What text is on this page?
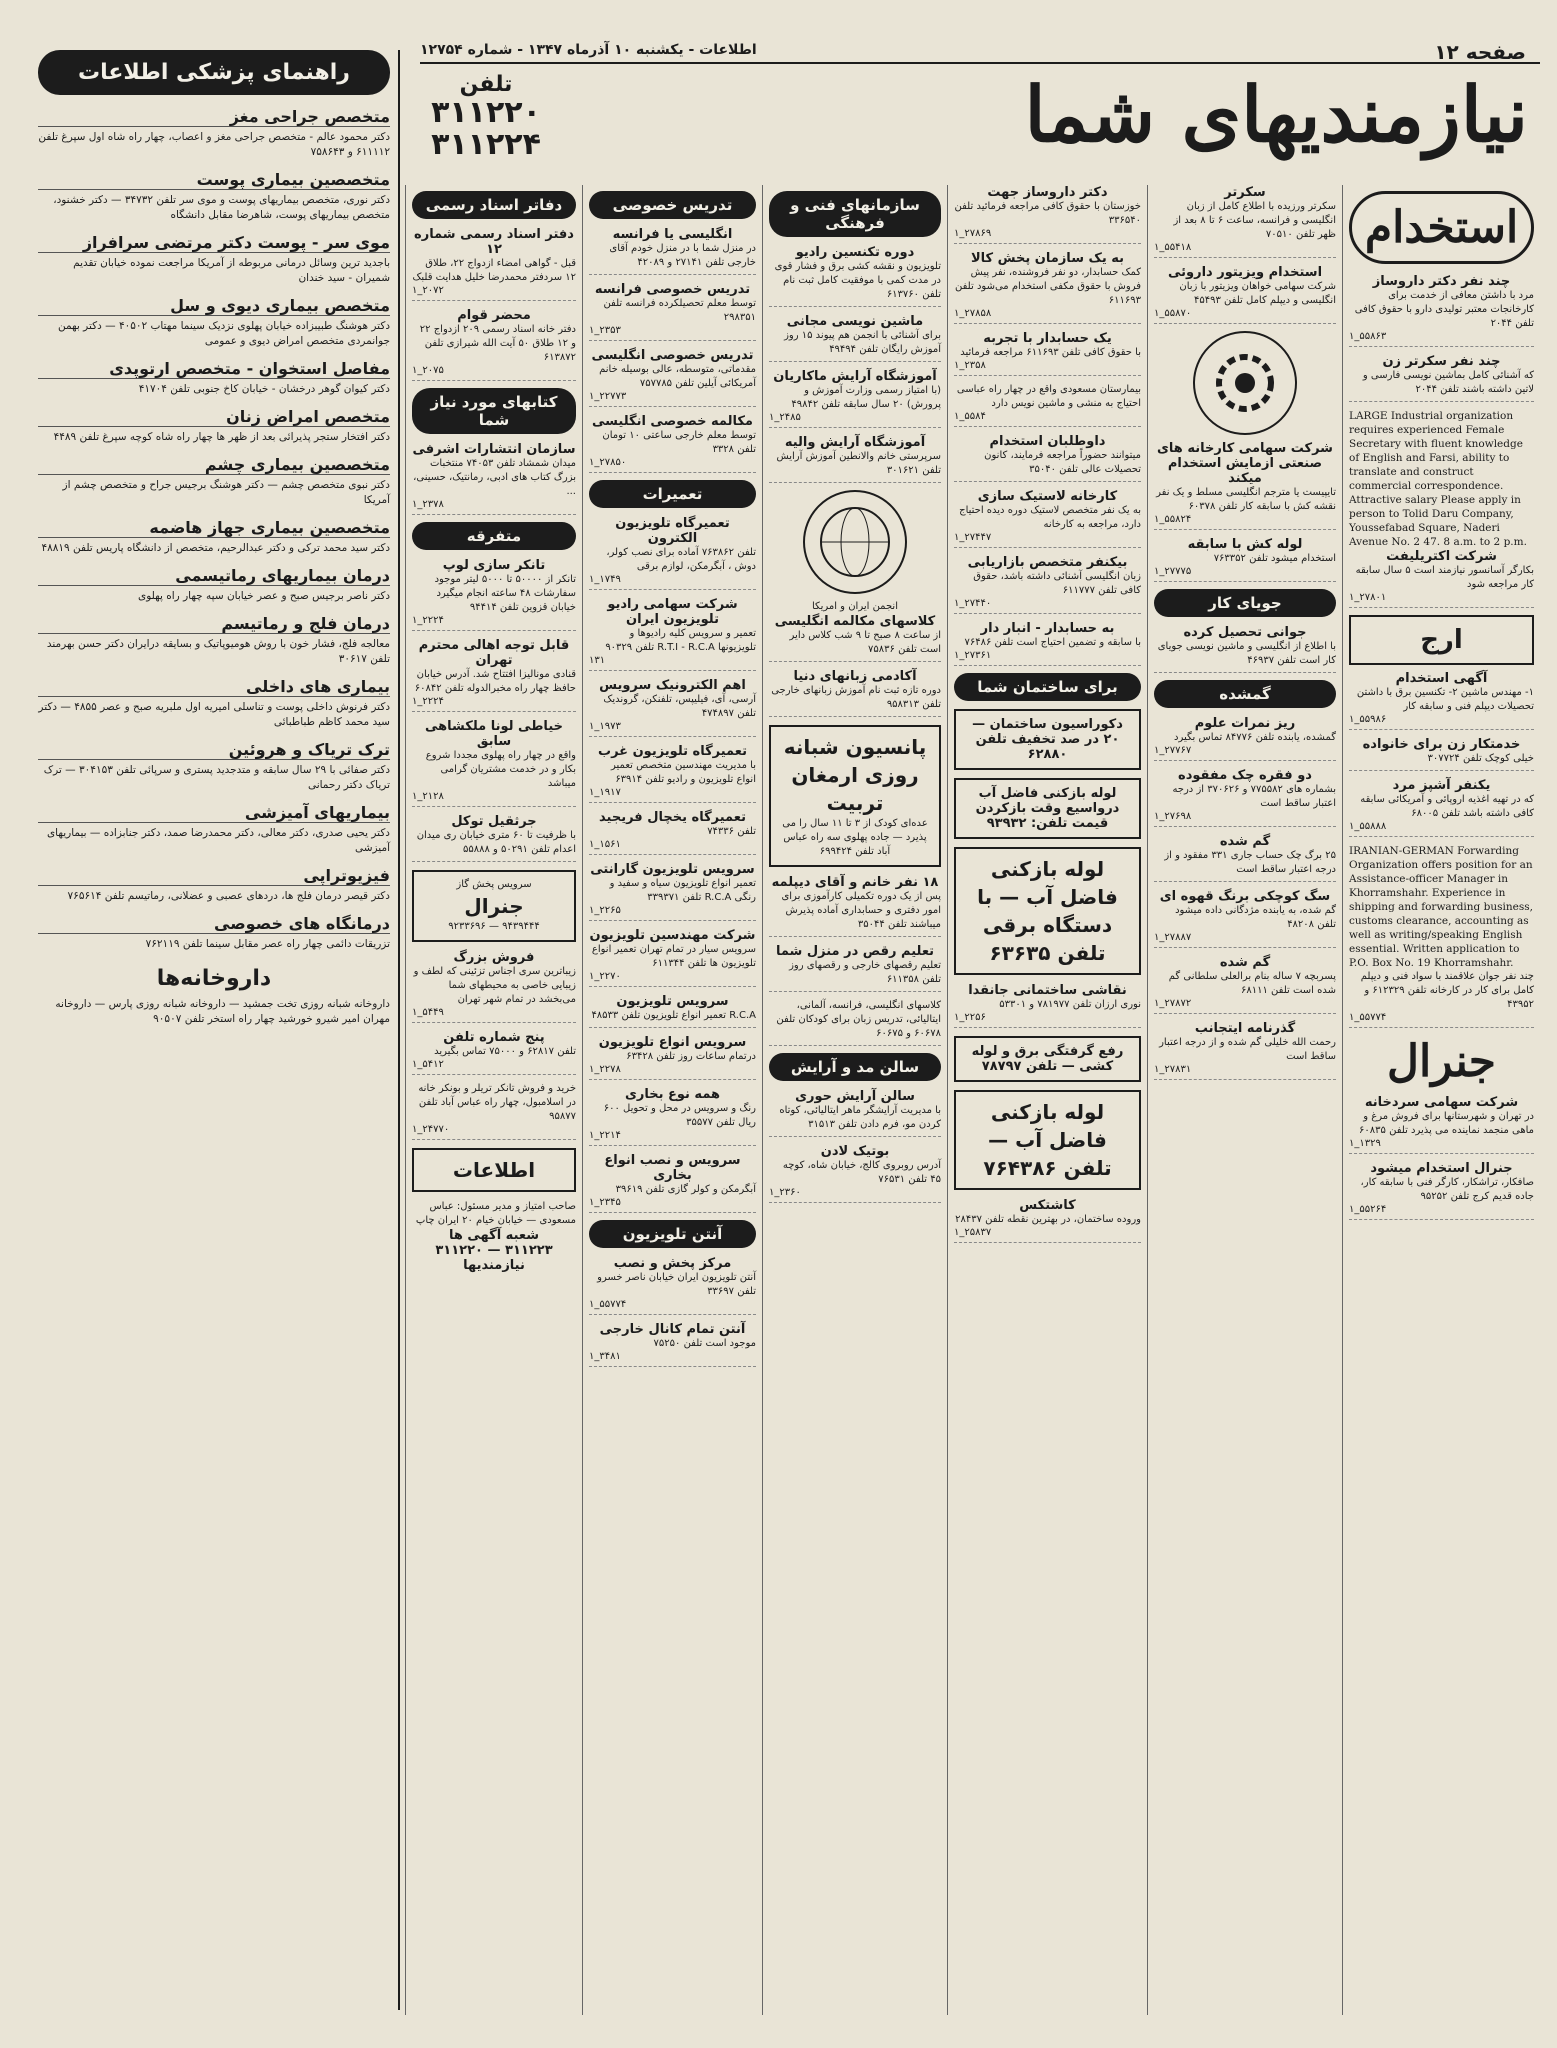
صفحه ۱۲
اطلاعات - یکشنبه ۱۰ آذرماه ۱۳۴۷ - شماره ۱۲۷۵۴
نیازمندیهای شما
تلفن
۳۱۱۲۲۰
۳۱۱۲۲۴
راهنمای پزشکی اطلاعات
متخصص جراحی مغز
دکتر محمود عالم - متخصص جراحی مغز و اعصاب، چهار راه شاه اول سپرغ تلفن ۶۱۱۱۱۲ و ۷۵۸۶۴۳
متخصصین بیماری پوست
دکتر نوری، متخصص بیماریهای پوست و موی سر تلفن ۳۴۷۳۲ — دکتر خشنود، متخصص بیماریهای پوست، شاهرضا مقابل دانشگاه
موی سر - پوست دکتر مرتضی سرافراز
باجدید ترین وسائل درمانی مربوطه از آمریکا مراجعت نموده خیابان تقدیم شمیران - سید خندان
متخصص بیماری دیوی و سل
دکتر هوشنگ طبیبزاده خیابان پهلوی نزدیک سینما مهتاب ۴۰۵۰۲ — دکتر بهمن جوانمردی متخصص امراض دیوی و عمومی
مفاصل استخوان - متخصص ارتوپدی
دکتر کیوان گوهر درخشان - خیابان کاخ جنوبی تلفن ۴۱۷۰۴
متخصص امراض زنان
دکتر افتخار ستجر پذیرائی بعد از ظهر ها چهار راه شاه کوچه سپرغ تلفن ۴۴۸۹
متخصصین بیماری چشم
دکتر نبوی متخصص چشم — دکتر هوشنگ برجیس جراح و متخصص چشم از آمریکا
متخصصین بیماری جهاز هاضمه
دکتر سید محمد ترکی و دکتر عبدالرحیم، متخصص از دانشگاه پاریس تلفن ۴۸۸۱۹
درمان بیماریهای رماتیسمی
دکتر ناصر برجیس صبح و عصر خیابان سپه چهار راه پهلوی
درمان فلج و رماتیسم
معالجه فلج، فشار خون با روش هومیوپاتیک و بسایقه درایران دکتر حسن بهرمند تلفن ۳۰۶۱۷
بیماری های داخلی
دکتر فرنوش داخلی پوست و تناسلی امیریه اول ملبریه صبح و عصر ۴۸۵۵ — دکتر سید محمد کاظم طباطبائی
ترک تریاک و هروئین
دکتر صفائی با ۲۹ سال سابقه و متدجدید پستری و سرپائی تلفن ۳۰۴۱۵۳ — ترک تریاک دکتر رحمانی
بیماریهای آمیزشی
دکتر یحیی صدری، دکتر معالی، دکتر محمدرضا صمد، دکتر جنابزاده — بیماریهای آمیزشی
فیزیوتراپی
دکتر قیصر درمان فلج ها، دردهای عصبی و عضلانی، رماتیسم تلفن ۷۶۵۶۱۴
درمانگاه های خصوصی
تزریقات دائمی چهار راه عصر مقابل سینما تلفن ۷۶۲۱۱۹
داروخانه‌ها
داروخانه شبانه روزی تخت جمشید — داروخانه شبانه روزی پارس — داروخانه مهران امیر شیرو خورشید چهار راه استخر تلفن ۹۰۵۰۷
دفاتر اسناد رسمی
دفتر اسناد رسمی شماره ۱۲
قبل - گواهی امضاء ازدواج ۲۲، طلاق ۱۲ سردفتر محمدرضا خلیل هدایت قلبک
۲۰۷۲_۱
محضر قوام
دفتر خانه اسناد رسمی ۲۰۹ ازدواج ۲۲ و ۱۲ طلاق ۵۰ آیت الله شیرازی تلفن ۶۱۳۸۷۲
۲۰۷۵_۱
کتابهای مورد نیاز شما
سازمان انتشارات اشرفی
میدان شمشاد تلفن ۷۴۰۵۳ منتخبات بزرگ کتاب های ادبی، رمانتیک، حسینی، ...
۲۳۷۸_۱
متفرقه
تانکر سازی لوپ
تانکر از ۵۰۰۰۰ تا ۵۰۰۰ لیتر موجود سفارشات ۴۸ ساعته انجام میگیرد خیابان قزوین تلفن ۹۴۴۱۴
۲۲۲۴_۱
قابل توجه اهالی محترم تهران
قنادی مونالیزا افتتاح شد. آدرس خیابان حافظ چهار راه مخبرالدوله تلفن ۶۰۸۴۲
۲۲۲۴_۱
خیاطی لونا ملکشاهی سابق
واقع در چهار راه پهلوی مجددا شروع بکار و در خدمت مشتریان گرامی میباشد
۲۱۲۸_۱
جرثقیل توکل
با ظرفیت تا ۶۰ متری خیابان ری میدان اعدام تلفن ۵۰۲۹۱ و ۵۵۸۸۸
سرویس پخش گاز
جنرال
۹۴۳۹۴۴۴ — ۹۲۳۳۶۹۶
فروش بزرگ
زیباترین سری اجناس تزئینی که لطف و زیبایی خاصی به محیطهای شما می‌بخشد در تمام شهر تهران
۵۴۴۹_۱
پنج شماره تلفن
تلفن ۶۲۸۱۷ و ۷۵۰۰۰ تماس بگیرید
۵۴۱۲_۱
خرید و فروش تانکر تریلر و بونکر خانه در اسلامبول، چهار راه عباس آباد تلفن ۹۵۸۷۷
۲۴۷۷۰_۱
اطلاعات
صاحب امتیاز و مدیر مسئول: عباس مسعودی — خیابان خیام ۲۰ ایران چاپ
شعبه آگهی ها
۳۱۱۲۲۳ — ۳۱۱۲۲۰
نیازمندیها
تدریس خصوصی
انگلیسی یا فرانسه
در منزل شما با در منزل خودم آقای خارجی تلفن ۲۷۱۴۱ و ۴۲۰۸۹
تدریس خصوصی فرانسه
توسط معلم تحصیلکرده فرانسه تلفن ۲۹۸۳۵۱
۲۳۵۳_۱
تدریس خصوصی انگلیسی
مقدماتی، متوسطه، عالی بوسیله خانم آمریکائی آیلین تلفن ۷۵۷۷۸۵
۲۲۷۷۳_۱
مکالمه خصوصی انگلیسی
توسط معلم خارجی ساعتی ۱۰ تومان تلفن ۳۳۲۸
۲۷۸۵۰_۱
تعمیرات
تعمیرگاه تلویزیون الکترون
تلفن ۷۶۳۸۶۲ آماده برای نصب کولر، دوش ، آبگرمکن، لوازم برقی
۱۷۴۹_۱
شرکت سهامی رادیو تلویزیون ایران
تعمیر و سرویس کلیه رادیوها و تلویزیونها R.T.I - R.C.A تلفن ۹۰۳۲۹
۱۳۱
اهم الکترونیک سرویس
آرسی، آی، فیلیپس، تلفنکن، گروندیک تلفن ۴۷۴۸۹۷
۱۹۷۳_۱
تعمیرگاه تلویزیون غرب
با مدیریت مهندسین متخصص تعمیر انواع تلویزیون و رادیو تلفن ۶۳۹۱۴
۱۹۱۷_۱
تعمیرگاه یخچال فریجید
تلفن ۷۴۳۳۶
۱۵۶۱_۱
سرویس تلویزیون گارانتی
تعمیر انواع تلویزیون سیاه و سفید و رنگی R.C.A تلفن ۳۳۹۳۷۱
۲۲۶۵_۱
شرکت مهندسین تلویزیون
سرویس سیار در تمام تهران تعمیر انواع تلویزیون ها تلفن ۶۱۱۳۴۴
۲۲۷۰_۱
سرویس تلویزیون
R.C.A تعمیر انواع تلویزیون تلفن ۴۸۵۳۳
سرویس انواع تلویزیون
درتمام ساعات روز تلفن ۶۳۴۲۸
۲۲۷۸_۱
همه نوع بخاری
رنگ و سرویس در محل و تحویل ۶۰۰ ریال تلفن ۳۵۵۷۷
۲۲۱۴_۱
سرویس و نصب انواع بخاری
آبگرمکن و کولر گازی تلفن ۳۹۶۱۹
۲۳۴۵_۱
آنتن تلویزیون
مرکز پخش و نصب
آنتن تلویزیون ایران خیابان ناصر خسرو تلفن ۳۳۶۹۷
۵۵۷۷۴_۱
آنتن تمام کانال خارجی
موجود است تلفن ۷۵۲۵۰
۳۴۸۱_۱
سازمانهای فنی و فرهنگی
دوره تکنسین رادیو
تلویزیون و نقشه کشی برق و فشار قوی در مدت کمی با موفقیت کامل ثبت نام تلفن ۶۱۳۷۶۰
ماشین نویسی مجانی
برای آشنائی با انجمن هم پیوند ۱۵ روز آموزش رایگان تلفن ۴۹۴۹۴
آموزشگاه آرایش ماکاریان
(با امتیاز رسمی وزارت آموزش و پرورش) ۲۰ سال سابقه تلفن ۴۹۸۴۲
۲۴۸۵_۱
آموزشگاه آرایش والیه
سرپرستی خانم والانطین آموزش آرایش تلفن ۳۰۱۶۲۱
انجمن ایران و امریکا
کلاسهای مکالمه انگلیسی
از ساعت ۸ صبح تا ۹ شب کلاس دایر است تلفن ۷۵۸۳۶
آکادمی زبانهای دنیا
دوره تازه ثبت نام آموزش زبانهای خارجی تلفن ۹۵۸۳۱۳
پانسیون شبانه روزی ارمغان تربیت
عده‌ای کودک از ۳ تا ۱۱ سال را می پذیرد — جاده پهلوی سه راه عباس آباد تلفن ۶۹۹۴۲۴
۱۸ نفر خانم و آقای دیپلمه
پس از یک دوره تکمیلی کارآموزی برای امور دفتری و حسابداری آماده پذیرش میباشند تلفن ۳۵۰۴۴
تعلیم رقص در منزل شما
تعلیم رقصهای خارجی و رقصهای روز تلفن ۶۱۱۳۵۸
کلاسهای انگلیسی، فرانسه، آلمانی، ایتالیائی، تدریس زبان برای کودکان تلفن ۶۰۶۷۸ و ۶۰۶۷۵
سالن مد و آرایش
سالن آرایش حوری
با مدیریت آرایشگر ماهر ایتالیائی، کوتاه کردن مو، فرم دادن تلفن ۳۱۵۱۳
بوتیک لادن
آدرس روبروی کالج، خیابان شاه، کوچه ۴۵ تلفن ۷۶۵۳۱
۲۳۶۰_۱
دکتر داروساز جهت
خوزستان با حقوق کافی مراجعه فرمائید تلفن ۳۳۶۵۴۰
۲۷۸۶۹_۱
به یک سازمان پخش کالا
کمک حسابدار، دو نفر فروشنده، نفر پیش فروش با حقوق مکفی استخدام می‌شود تلفن ۶۱۱۶۹۳
۲۷۸۵۸_۱
یک حسابدار با تجربه
با حقوق کافی تلفن ۶۱۱۶۹۳ مراجعه فرمائید
۲۳۵۸_۱
بیمارستان مسعودی واقع در چهار راه عباسی احتیاج به منشی و ماشین نویس دارد
۵۵۸۴_۱
داوطلبان استخدام
میتوانند حضوراً مراجعه فرمایند، کانون تحصیلات عالی تلفن ۳۵۰۴۰
کارخانه لاستیک سازی
به یک نفر متخصص لاستیک دوره دیده احتیاج دارد، مراجعه به کارخانه
۲۷۴۴۷_۱
بیکنفر متخصص بازاریابی
زبان انگلیسی آشنائی داشته باشد، حقوق کافی تلفن ۶۱۱۷۷۷
۲۷۴۴۰_۱
به حسابدار - انبار دار
با سابقه و تضمین احتیاج است تلفن ۷۶۴۸۶
۲۷۳۶۱_۱
برای ساختمان شما
دکوراسیون ساختمان — ۲۰ در صد تخفیف تلفن ۶۲۸۸۰
لوله بازکنی فاضل آب درواسیع وقت بازکردن قیمت تلفن: ۹۳۹۳۲
لوله بازکنی فاضل آب — با دستگاه برقی تلفن ۶۳۶۳۵
نقاشی ساختمانی جانقدا
نوری ارزان تلفن ۷۸۱۹۷۷ و ۵۳۳۰۱
۲۲۵۶_۱
رفع گرفتگی برق و لوله کشی — تلفن ۷۸۷۹۷
لوله بازکنی فاضل آب — تلفن ۷۶۴۳۸۶
کاشتکس
وروده ساختمان، در بهترین نقطه تلفن ۲۸۴۳۷
۲۵۸۳۷_۱
سکرتر
سکرتر ورزیده با اطلاع کامل از زبان انگلیسی و فرانسه، ساعت ۶ تا ۸ بعد از ظهر تلفن ۷۰۵۱۰
۵۵۴۱۸_۱
استخدام ویزیتور داروئی
شرکت سهامی خواهان ویزیتور با زبان انگلیسی و دیپلم کامل تلفن ۴۵۴۹۳
۵۵۸۷۰_۱
شرکت سهامی کارخانه های صنعتی ازمایش استخدام میکند
تایپیست یا مترجم انگلیسی مسلط و یک نفر نقشه کش با سابقه کار تلفن ۶۰۳۷۸
۵۵۸۲۴_۱
لوله کش با سابقه
استخدام میشود تلفن ۷۶۳۳۵۲
۲۷۷۷۵_۱
جویای کار
جوانی تحصیل کرده
با اطلاع از انگلیسی و ماشین نویسی جویای کار است تلفن ۴۶۹۳۷
گمشده
ریز نمرات علوم
گمشده، یابنده تلفن ۸۴۷۷۶ تماس بگیرد
۲۷۷۶۷_۱
دو فقره چک مفقوده
بشماره های ۷۷۵۵۸۲ و ۳۷۰۶۲۶ از درجه اعتبار ساقط است
۲۷۶۹۸_۱
گم شده
۲۵ برگ چک حساب جاری ۳۳۱ مفقود و از درجه اعتبار ساقط است
سگ کوچکی برنگ قهوه ای
گم شده، به یابنده مژدگانی داده میشود تلفن ۴۸۲۰۸
۲۷۸۸۷_۱
گم شده
پسربچه ۷ ساله بنام برالعلی سلطانی گم شده است تلفن ۶۸۱۱۱
۲۷۸۷۲_۱
گذرنامه ایتجانب
رحمت الله خلیلی گم شده و از درجه اعتبار ساقط است
۲۷۸۳۱_۱
استخدام
چند نفر دکتر داروساز
مرد با داشتن معافی از خدمت برای کارخانجات معتبر تولیدی دارو با حقوق کافی تلفن ۲۰۴۴
۵۵۸۶۳_۱
چند نفر سکرتر زن
که آشنائی کامل بماشین نویسی فارسی و لاتین داشته باشند تلفن ۲۰۴۴
LARGE Industrial organization requires experienced Female Secretary with fluent knowledge of English and Farsi, ability to translate and construct commercial correspondence. Attractive salary Please apply in person to Tolid Daru Company, Youssefabad Square, Naderi Avenue No. 2 47. 8 a.m. to 2 p.m.
شرکت اکتریلیفت
بکارگر آسانسور نیازمند است ۵ سال سابقه کار مراجعه شود
۲۷۸۰۱_۱
ارج
آگهی استخدام
۱- مهندس ماشین ۲- تکنسین برق با داشتن تحصیلات دیپلم فنی و سابقه کار
۵۵۹۸۶_۱
خدمتکار زن برای خانواده
خیلی کوچک تلفن ۳۰۷۷۲۴
یکنفر آشپز مرد
که در تهیه اغذیه اروپائی و آمریکائی سابقه کافی داشته باشد تلفن ۶۸۰۰۵
۵۵۸۸۸_۱
IRANIAN-GERMAN Forwarding Organization offers position for an Assistance-officer Manager in Khorramshahr. Experience in shipping and forwarding business, customs clearance, accounting as well as writing/speaking English essential. Written application to P.O. Box No. 19 Khorramshahr.
چند نفر جوان علاقمند با سواد فنی و دیپلم کامل برای کار در کارخانه تلفن ۶۱۲۳۲۹ و ۴۳۹۵۲
۵۵۷۷۴_۱
جنرال
شرکت سهامی سردخانه
در تهران و شهرستانها برای فروش مرغ و ماهی منجمد نماینده می پذیرد تلفن ۶۰۸۳۵
۱۳۲۹_۱
جنرال استخدام میشود
صافکار، تراشکار، کارگر فنی با سابقه کار، جاده قدیم کرج تلفن ۹۵۲۵۲
۵۵۲۶۴_۱
